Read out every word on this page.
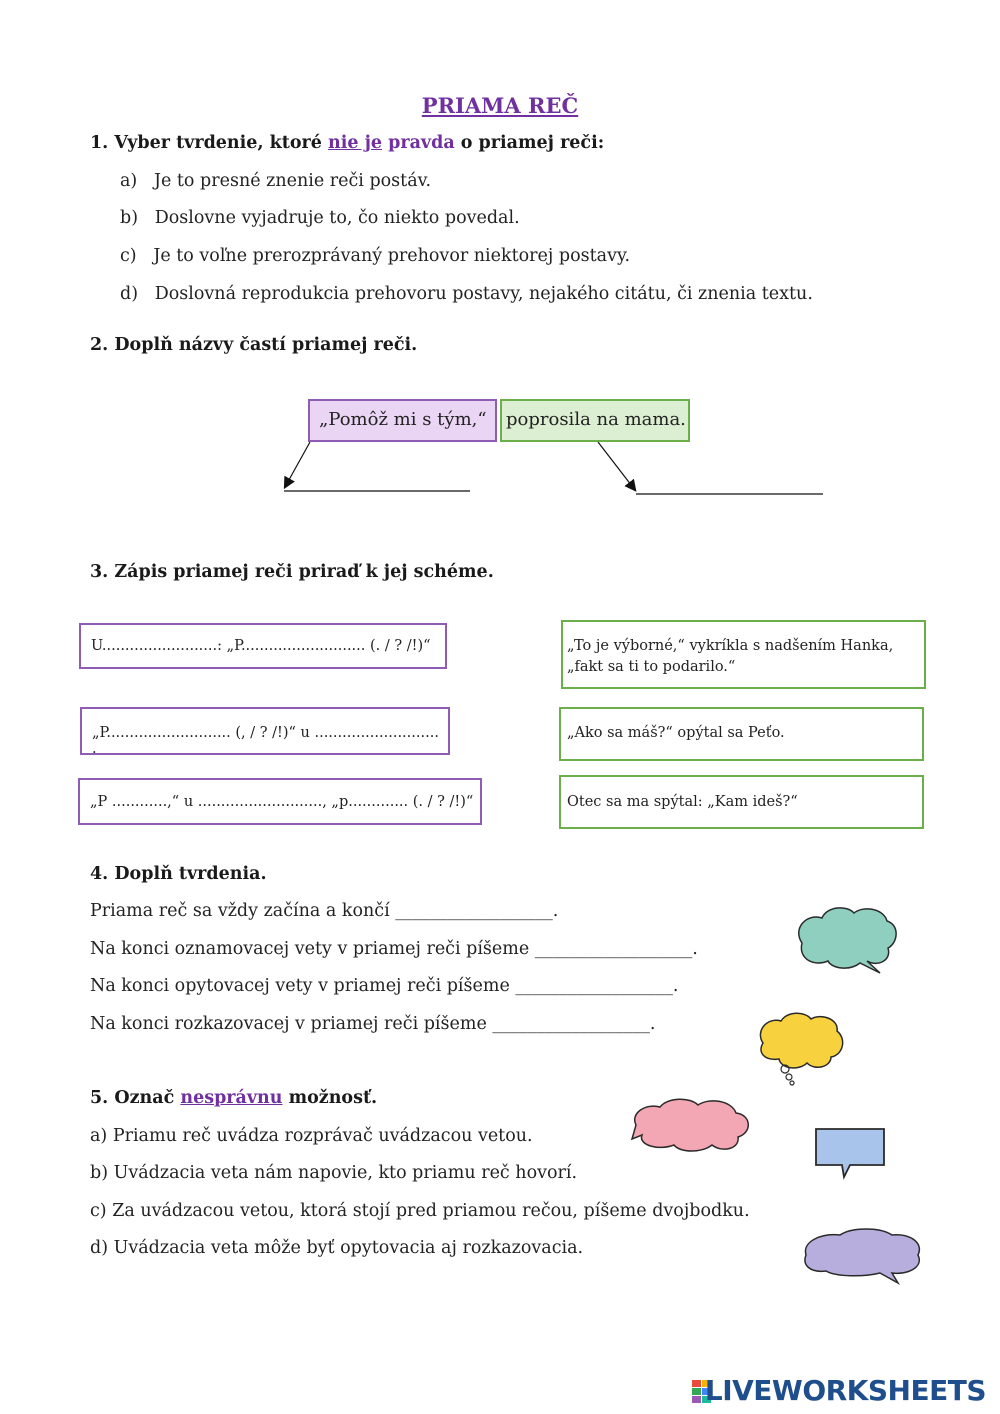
PRIAMA REČ
1. Vyber tvrdenie, ktoré nie je pravda o priamej reči:
a) Je to presné znenie reči postáv.
b) Doslovne vyjadruje to, čo niekto povedal.
c) Je to voľne prerozprávaný prehovor niektorej postavy.
d) Doslovná reprodukcia prehovoru postavy, nejakého citátu, či znenia textu.
2. Doplň názvy častí priamej reči.
„Pomôž mi s tým,“	poprosila na mama.
3. Zápis priamej reči priraď k jej schéme.
U.........................: „P........................... (. / ? /!)“
„P........................... (, / ? /!)“ u ........................... .
„P ............,“ u ..........................., „p............. (. / ? /!)“
„To je výborné,“ vykríkla s nadšením Hanka, „fakt sa ti to podarilo.“
„Ako sa máš?“ opýtal sa Peťo.
Otec sa ma spýtal: „Kam ideš?“
4. Doplň tvrdenia.
Priama reč sa vždy začína a končí __________________.
Na konci oznamovacej vety v priamej reči píšeme __________________.
Na konci opytovacej vety v priamej reči píšeme __________________.
Na konci rozkazovacej v priamej reči píšeme __________________.
5. Označ nesprávnu možnosť.
a) Priamu reč uvádza rozprávač uvádzacou vetou.
b) Uvádzacia veta nám napovie, kto priamu reč hovorí.
c) Za uvádzacou vetou, ktorá stojí pred priamou rečou, píšeme dvojbodku.
d) Uvádzacia veta môže byť opytovacia aj rozkazovacia.
LIVEWORKSHEETS
